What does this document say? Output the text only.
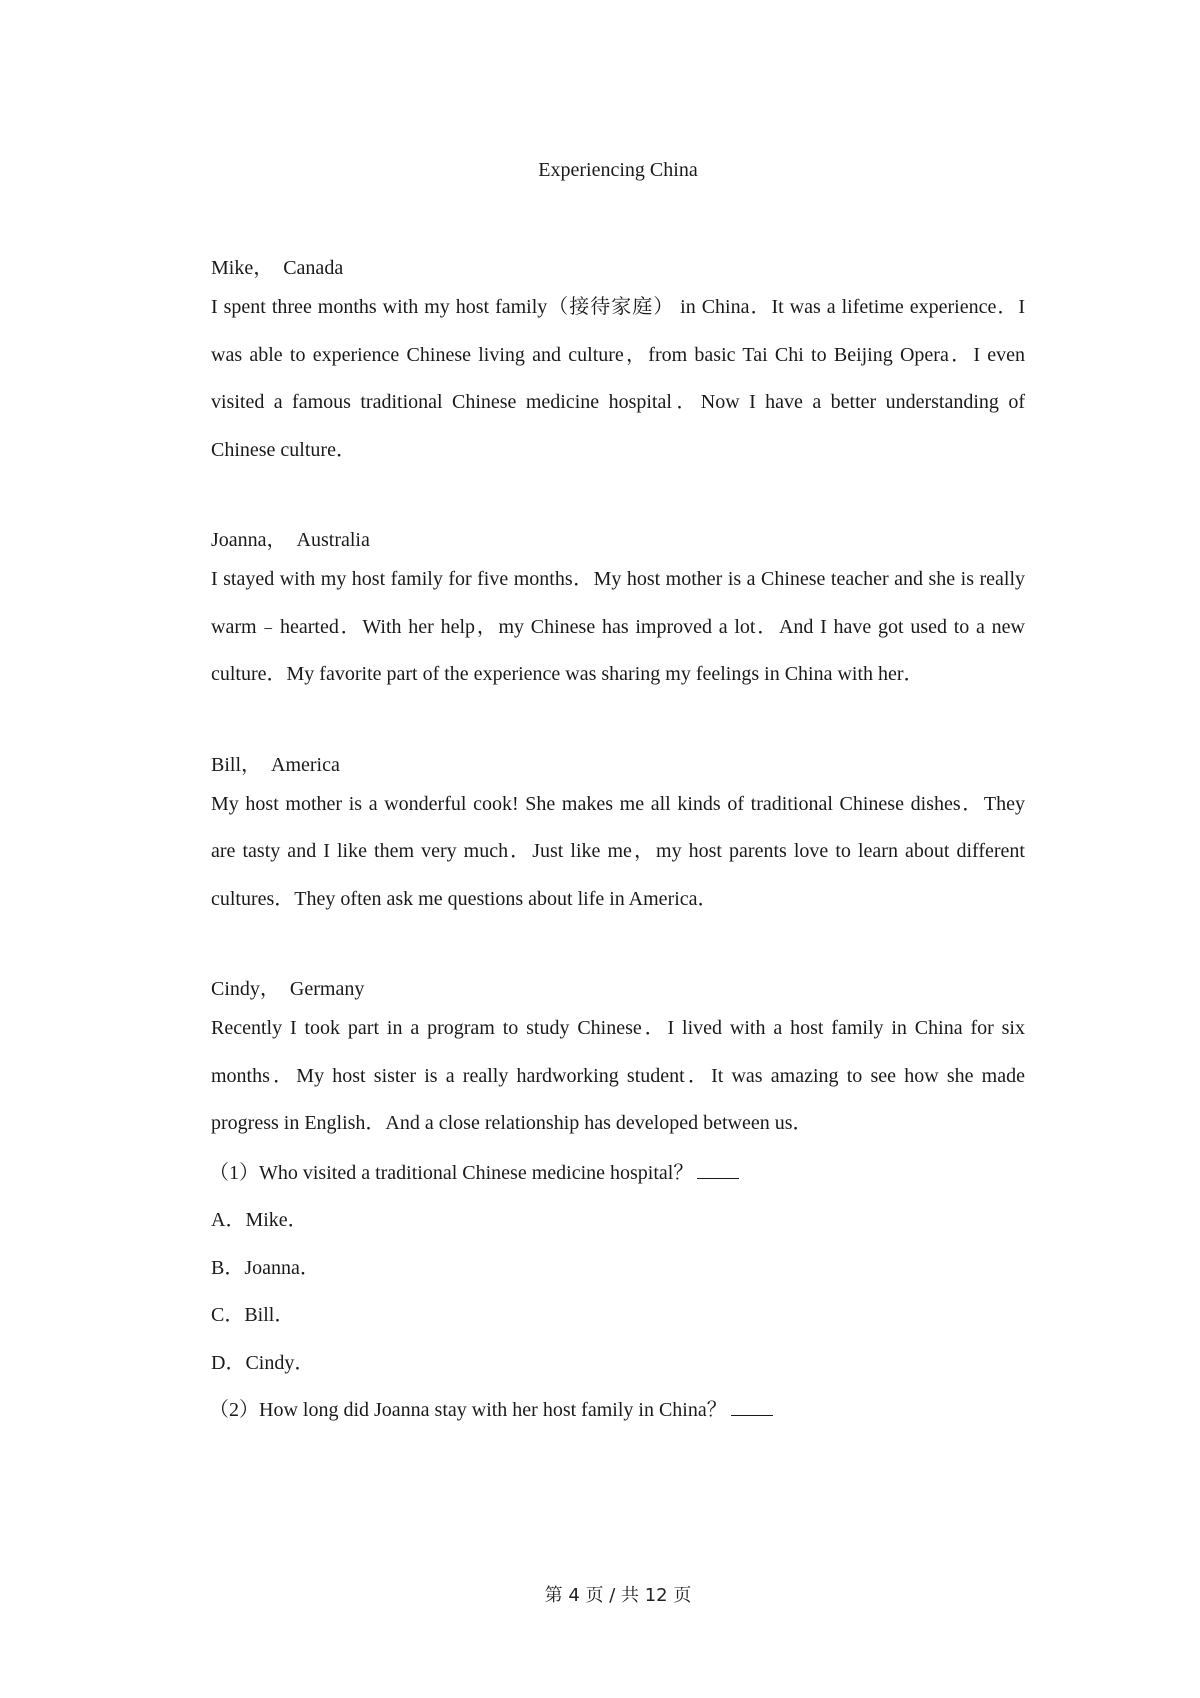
Experiencing China

Mike， Canada

I spent three months with my host family（接待家庭） in China．It was a lifetime experience．I was able to experience Chinese living and culture，from basic Tai Chi to Beijing Opera．I even visited a famous traditional Chinese medicine hospital．Now I have a better understanding of Chinese culture．

Joanna， Australia

I stayed with my host family for five months．My host mother is a Chinese teacher and she is really warm﹣hearted．With her help，my Chinese has improved a lot．And I have got used to a new culture．My favorite part of the experience was sharing my feelings in China with her．

Bill， America

My host mother is a wonderful cook! She makes me all kinds of traditional Chinese dishes．They are tasty and I like them very much．Just like me，my host parents love to learn about different cultures．They often ask me questions about life in America．

Cindy， Germany

Recently I took part in a program to study Chinese．I lived with a host family in China for six months．My host sister is a really hardworking student．It was amazing to see how she made progress in English．And a close relationship has developed between us．

（1）Who visited a traditional Chinese medicine hospital？

A．Mike．

B．Joanna．

C．Bill．

D．Cindy．

（2）How long did Joanna stay with her host family in China？

第 4 页 / 共 12 页
